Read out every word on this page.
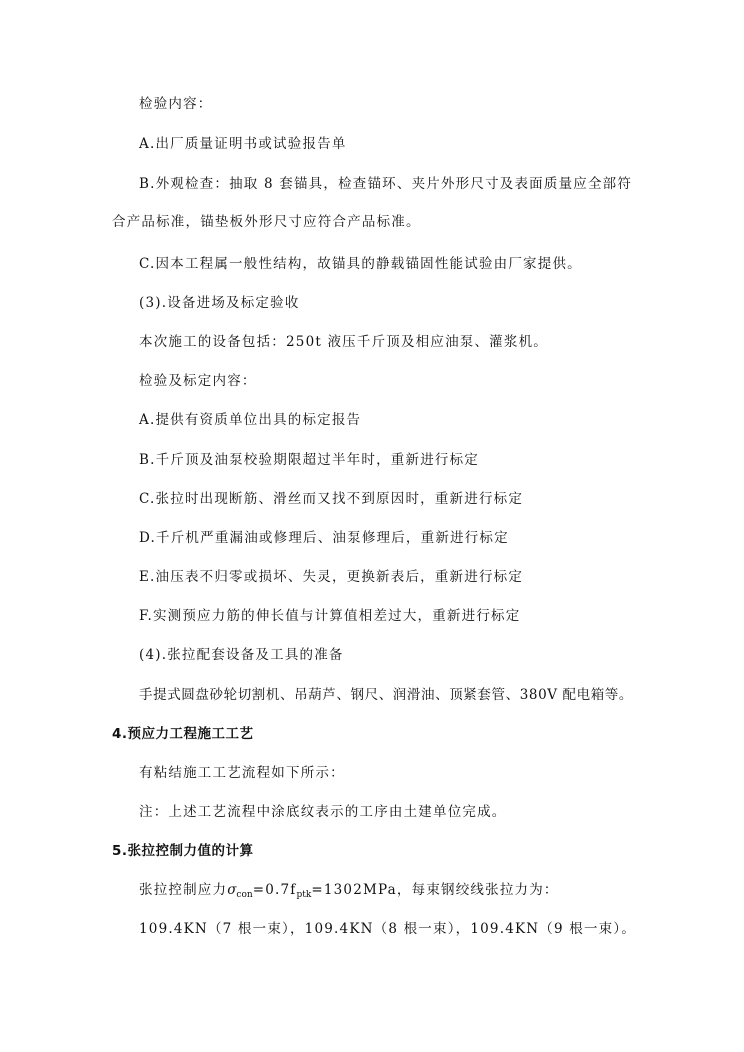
检验内容：
A.出厂质量证明书或试验报告单
B.外观检查：抽取 8 套锚具，检查锚环、夹片外形尺寸及表面质量应全部符
合产品标准，锚垫板外形尺寸应符合产品标准。
C.因本工程属一般性结构，故锚具的静载锚固性能试验由厂家提供。
(3).设备进场及标定验收
本次施工的设备包括：250t 液压千斤顶及相应油泵、灌浆机。
检验及标定内容：
A.提供有资质单位出具的标定报告
B.千斤顶及油泵校验期限超过半年时，重新进行标定
C.张拉时出现断筋、滑丝而又找不到原因时，重新进行标定
D.千斤机严重漏油或修理后、油泵修理后，重新进行标定
E.油压表不归零或损坏、失灵，更换新表后，重新进行标定
F.实测预应力筋的伸长值与计算值相差过大，重新进行标定
(4).张拉配套设备及工具的准备
手提式圆盘砂轮切割机、吊葫芦、钢尺、润滑油、顶紧套管、380V 配电箱等。
4.预应力工程施工工艺
有粘结施工工艺流程如下所示：
注：上述工艺流程中涂底纹表示的工序由土建单位完成。
5.张拉控制力值的计算
张拉控制应力$\sigma_{con}=0.7f_{ptk}=1302MPa$，每束钢绞线张拉力为：
109.4KN（7 根一束），109.4KN（8 根一束），109.4KN（9 根一束）。
